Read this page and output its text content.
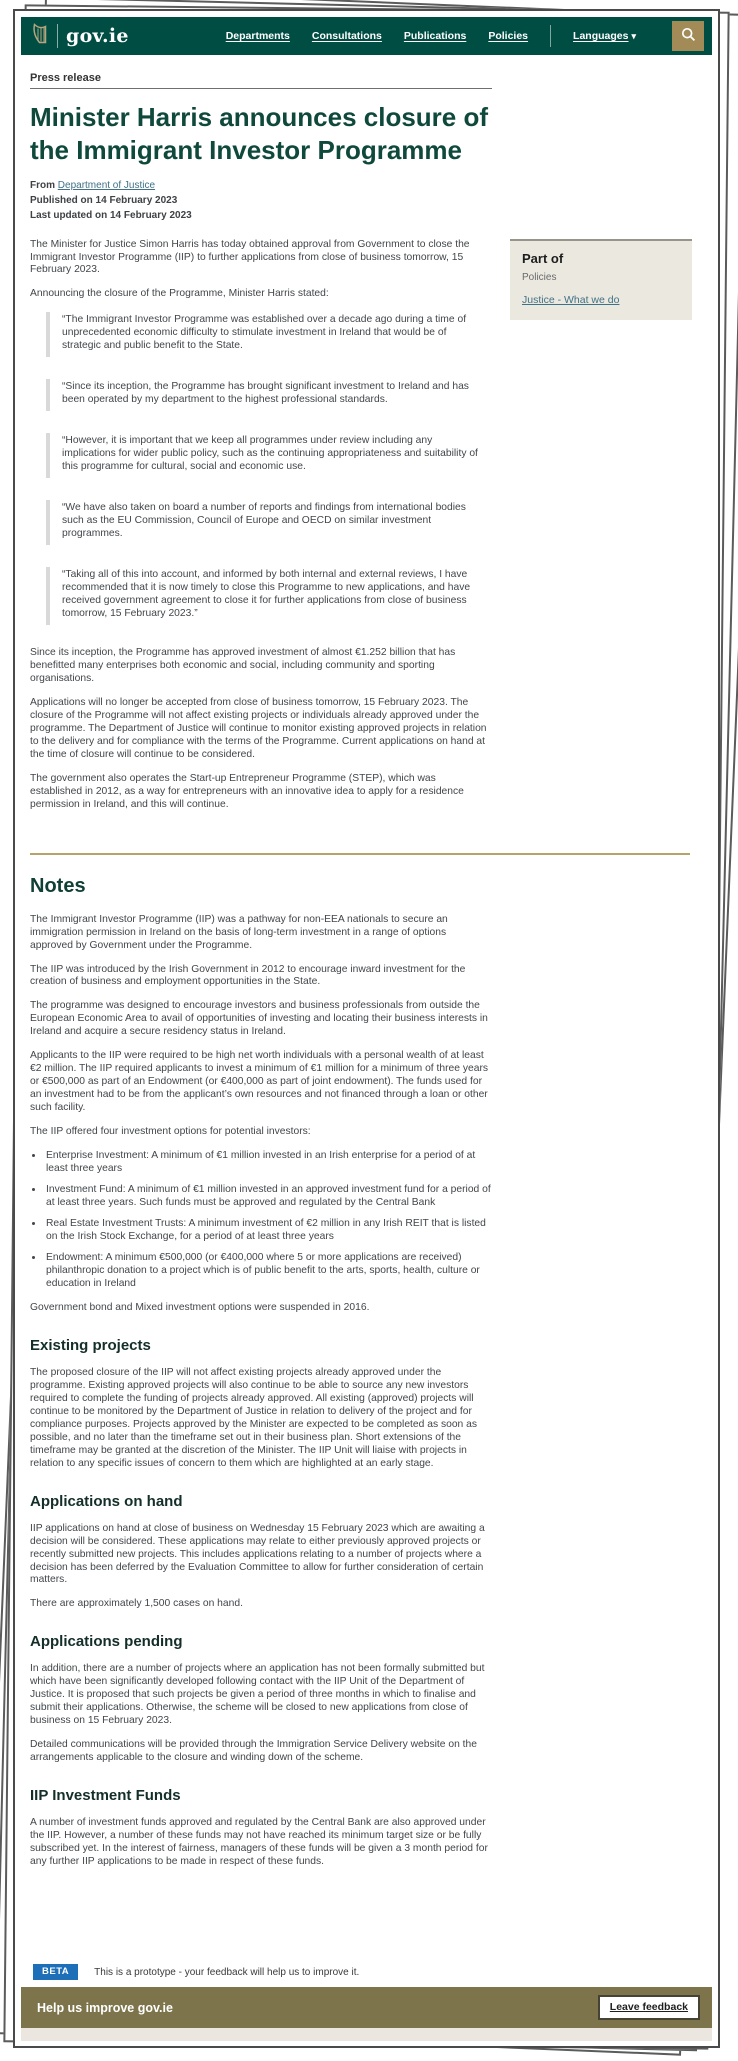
gov.ie	Departments Consultations Publications Policies	Languages ▾
Press release
Minister Harris announces closure of the Immigrant Investor Programme
From Department of Justice
Published on 14 February 2023
Last updated on 14 February 2023

The Minister for Justice Simon Harris has today obtained approval from Government to close the Immigrant Investor Programme (IIP) to further applications from close of business tomorrow, 15 February 2023.

Announcing the closure of the Programme, Minister Harris stated:

“The Immigrant Investor Programme was established over a decade ago during a time of unprecedented economic difficulty to stimulate investment in Ireland that would be of strategic and public benefit to the State.

“Since its inception, the Programme has brought significant investment to Ireland and has been operated by my department to the highest professional standards.

“However, it is important that we keep all programmes under review including any implications for wider public policy, such as the continuing appropriateness and suitability of this programme for cultural, social and economic use.

“We have also taken on board a number of reports and findings from international bodies such as the EU Commission, Council of Europe and OECD on similar investment programmes.

“Taking all of this into account, and informed by both internal and external reviews, I have recommended that it is now timely to close this Programme to new applications, and have received government agreement to close it for further applications from close of business tomorrow, 15 February 2023.”

Since its inception, the Programme has approved investment of almost €1.252 billion that has benefitted many enterprises both economic and social, including community and sporting organisations.

Applications will no longer be accepted from close of business tomorrow, 15 February 2023. The closure of the Programme will not affect existing projects or individuals already approved under the programme. The Department of Justice will continue to monitor existing approved projects in relation to the delivery and for compliance with the terms of the Programme. Current applications on hand at the time of closure will continue to be considered.

The government also operates the Start-up Entrepreneur Programme (STEP), which was established in 2012, as a way for entrepreneurs with an innovative idea to apply for a residence permission in Ireland, and this will continue.

Part of
Policies
Justice - What we do
Notes

The Immigrant Investor Programme (IIP) was a pathway for non-EEA nationals to secure an immigration permission in Ireland on the basis of long-term investment in a range of options approved by Government under the Programme.

The IIP was introduced by the Irish Government in 2012 to encourage inward investment for the creation of business and employment opportunities in the State.

The programme was designed to encourage investors and business professionals from outside the European Economic Area to avail of opportunities of investing and locating their business interests in Ireland and acquire a secure residency status in Ireland.

Applicants to the IIP were required to be high net worth individuals with a personal wealth of at least €2 million. The IIP required applicants to invest a minimum of €1 million for a minimum of three years or €500,000 as part of an Endowment (or €400,000 as part of joint endowment). The funds used for an investment had to be from the applicant’s own resources and not financed through a loan or other such facility.

The IIP offered four investment options for potential investors:

• Enterprise Investment: A minimum of €1 million invested in an Irish enterprise for a period of at least three years
• Investment Fund: A minimum of €1 million invested in an approved investment fund for a period of at least three years. Such funds must be approved and regulated by the Central Bank
• Real Estate Investment Trusts: A minimum investment of €2 million in any Irish REIT that is listed on the Irish Stock Exchange, for a period of at least three years
• Endowment: A minimum €500,000 (or €400,000 where 5 or more applications are received) philanthropic donation to a project which is of public benefit to the arts, sports, health, culture or education in Ireland

Government bond and Mixed investment options were suspended in 2016.

Existing projects

The proposed closure of the IIP will not affect existing projects already approved under the programme. Existing approved projects will also continue to be able to source any new investors required to complete the funding of projects already approved. All existing (approved) projects will continue to be monitored by the Department of Justice in relation to delivery of the project and for compliance purposes. Projects approved by the Minister are expected to be completed as soon as possible, and no later than the timeframe set out in their business plan. Short extensions of the timeframe may be granted at the discretion of the Minister. The IIP Unit will liaise with projects in relation to any specific issues of concern to them which are highlighted at an early stage.

Applications on hand

IIP applications on hand at close of business on Wednesday 15 February 2023 which are awaiting a decision will be considered. These applications may relate to either previously approved projects or recently submitted new projects. This includes applications relating to a number of projects where a decision has been deferred by the Evaluation Committee to allow for further consideration of certain matters.

There are approximately 1,500 cases on hand.

Applications pending

In addition, there are a number of projects where an application has not been formally submitted but which have been significantly developed following contact with the IIP Unit of the Department of Justice. It is proposed that such projects be given a period of three months in which to finalise and submit their applications. Otherwise, the scheme will be closed to new applications from close of business on 15 February 2023.

Detailed communications will be provided through the Immigration Service Delivery website on the arrangements applicable to the closure and winding down of the scheme.

IIP Investment Funds

A number of investment funds approved and regulated by the Central Bank are also approved under the IIP. However, a number of these funds may not have reached its minimum target size or be fully subscribed yet. In the interest of fairness, managers of these funds will be given a 3 month period for any further IIP applications to be made in respect of these funds.

BETA	This is a prototype - your feedback will help us to improve it.
Help us improve gov.ie	Leave feedback
